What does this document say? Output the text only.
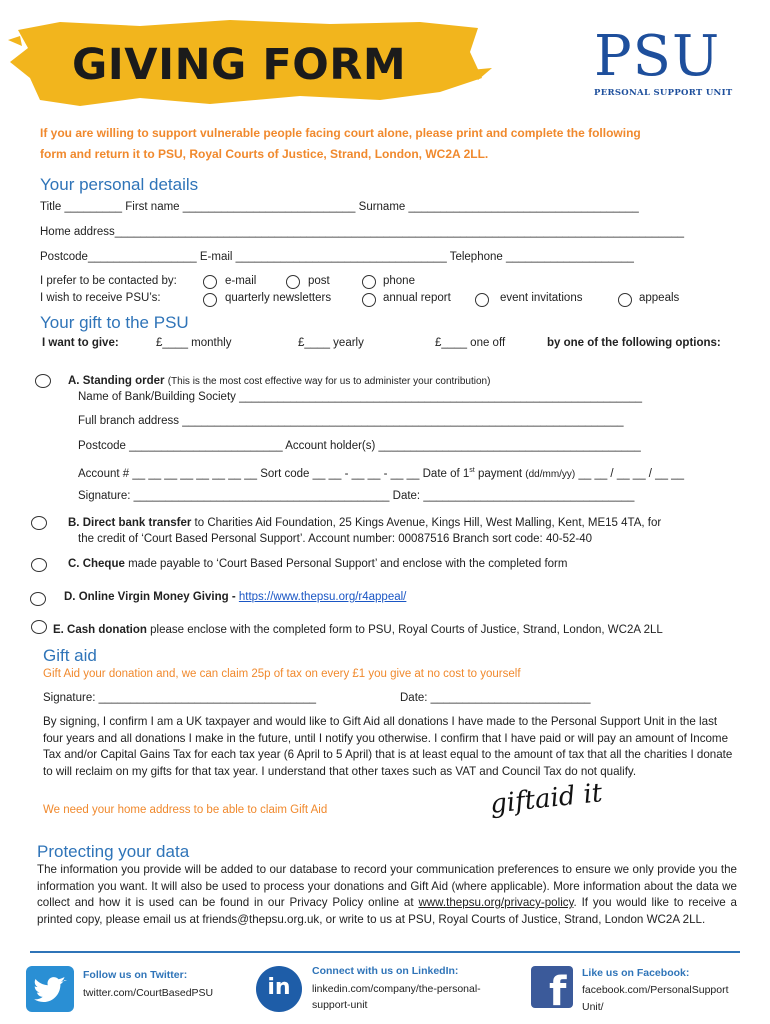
GIVING FORM	PSU
PERSONAL SUPPORT UNIT
If you are willing to support vulnerable people facing court alone, please print and complete the following
form and return it to PSU, Royal Courts of Justice, Strand, London, WC2A 2LL.
Your personal details
Title _________ First name ___________________________ Surname ____________________________________
Home address_________________________________________________________________________________________
Postcode_________________ E-mail _________________________________ Telephone ____________________
I prefer to be contacted by:	e-mail	post	phone
I wish to receive PSU’s:	quarterly newsletters	annual report	event invitations	appeals
Your gift to the PSU
I want to give:	£____ monthly	£____ yearly	£____ one off	by one of the following options:
A. Standing order (This is the most cost effective way for us to administer your contribution)
Name of Bank/Building Society _______________________________________________________________
Full branch address _____________________________________________________________________
Postcode ________________________ Account holder(s) _________________________________________
Account # __ __ __ __ __ __ __ __ Sort code __ __ - __ __ - __ __ Date of 1st payment (dd/mm/yy) __ __ / __ __ / __ __
Signature: ________________________________________ Date: _________________________________
B. Direct bank transfer to Charities Aid Foundation, 25 Kings Avenue, Kings Hill, West Malling, Kent, ME15 4TA, for
the credit of ‘Court Based Personal Support’. Account number: 00087516 Branch sort code: 40-52-40
C. Cheque made payable to ‘Court Based Personal Support’ and enclose with the completed form
D. Online Virgin Money Giving - https://www.thepsu.org/r4appeal/
E. Cash donation please enclose with the completed form to PSU, Royal Courts of Justice, Strand, London, WC2A 2LL
Gift aid
Gift Aid your donation and, we can claim 25p of tax on every £1 you give at no cost to yourself
Signature: __________________________________	Date: _________________________
By signing, I confirm I am a UK taxpayer and would like to Gift Aid all donations I have made to the Personal Support Unit in the last four years and all donations I make in the future, until I notify you otherwise. I confirm that I have paid or will pay an amount of Income Tax and/or Capital Gains Tax for each tax year (6 April to 5 April) that is at least equal to the amount of tax that all the charities I donate to will reclaim on my gifts for that tax year. I understand that other taxes such as VAT and Council Tax do not qualify.
We need your home address to be able to claim Gift Aid	giftaid it
Protecting your data
The information you provide will be added to our database to record your communication preferences to ensure we only provide you the information you want. It will also be used to process your donations and Gift Aid (where applicable). More information about the data we collect and how it is used can be found in our Privacy Policy online at www.thepsu.org/privacy-policy. If you would like to receive a printed copy, please email us at friends@thepsu.org.uk, or write to us at PSU, Royal Courts of Justice, Strand, London WC2A 2LL.
Follow us on Twitter:
twitter.com/CourtBasedPSU	in
Connect with us on LinkedIn:
linkedin.com/company/the-personal-
support-unit	f Like us on Facebook:
facebook.com/PersonalSupport
Unit/
